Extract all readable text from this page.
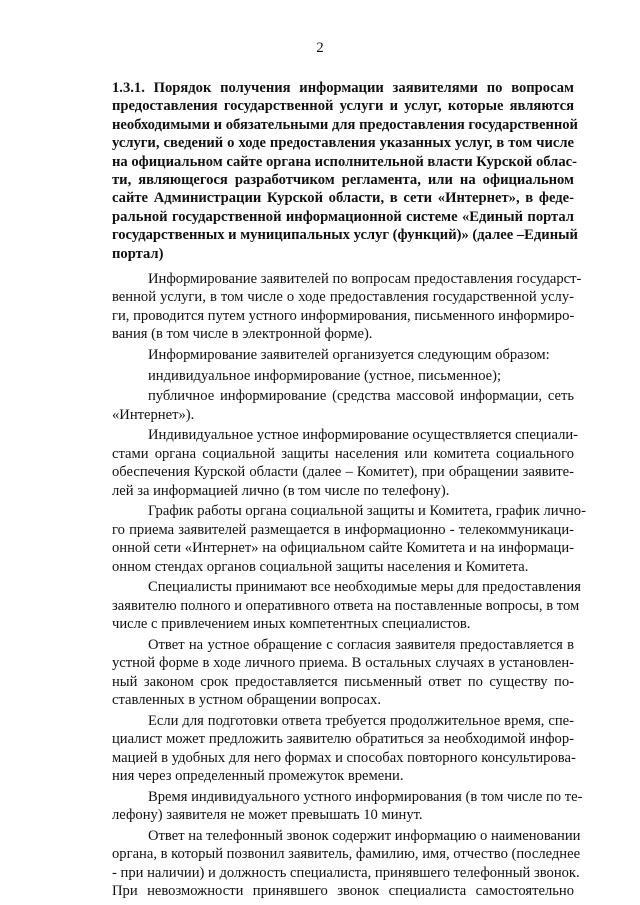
2
1.3.1. Порядок получения информации заявителями по вопросам
предоставления государственной услуги и услуг, которые являются
необходимыми и обязательными для предоставления государственной
услуги, сведений о ходе предоставления указанных услуг, в том числе
на официальном сайте органа исполнительной власти Курской облас-
ти, являющегося разработчиком регламента, или на официальном
сайте Администрации Курской области, в сети «Интернет», в феде-
ральной государственной информационной системе «Единый портал
государственных и муниципальных услуг (функций)» (далее –Единый
портал)
Информирование заявителей по вопросам предоставления государст-
венной услуги, в том числе о ходе предоставления государственной услу-
ги, проводится путем устного информирования, письменного информиро-
вания (в том числе в электронной форме).
Информирование заявителей организуется следующим образом:
индивидуальное информирование (устное, письменное);
публичное информирование (средства массовой информации, сеть
«Интернет»).
Индивидуальное устное информирование осуществляется специали-
стами органа социальной защиты населения или комитета социального
обеспечения Курской области (далее – Комитет), при обращении заявите-
лей за информацией лично (в том числе по телефону).
График работы органа социальной защиты и Комитета, график лично-
го приема заявителей размещается в информационно - телекоммуникаци-
онной сети «Интернет» на официальном сайте Комитета и на информаци-
онном стендах органов социальной защиты населения и Комитета.
Специалисты принимают все необходимые меры для предоставления
заявителю полного и оперативного ответа на поставленные вопросы, в том
числе с привлечением иных компетентных специалистов.
Ответ на устное обращение с согласия заявителя предоставляется в
устной форме в ходе личного приема. В остальных случаях в установлен-
ный законом срок предоставляется письменный ответ по существу по-
ставленных в устном обращении вопросах.
Если для подготовки ответа требуется продолжительное время, спе-
циалист может предложить заявителю обратиться за необходимой инфор-
мацией в удобных для него формах и способах повторного консультирова-
ния через определенный промежуток времени.
Время индивидуального устного информирования (в том числе по те-
лефону) заявителя не может превышать 10 минут.
Ответ на телефонный звонок содержит информацию о наименовании
органа, в который позвонил заявитель, фамилию, имя, отчество (последнее
- при наличии) и должность специалиста, принявшего телефонный звонок.
При невозможности принявшего звонок специалиста самостоятельно
